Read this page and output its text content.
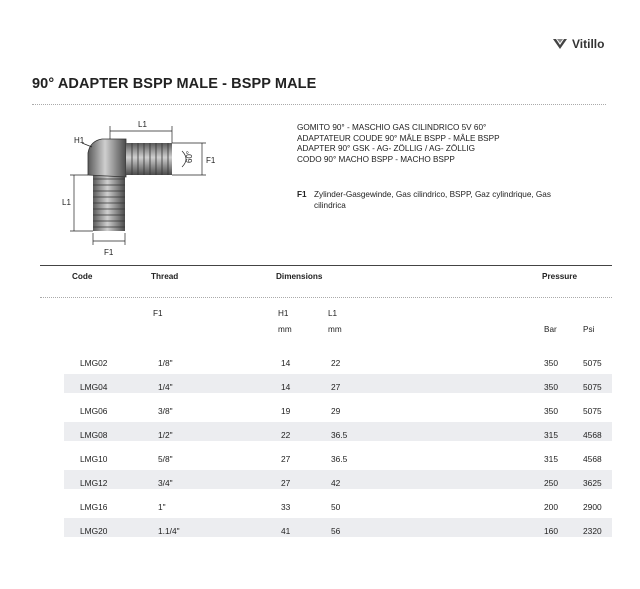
Vitillo
90° ADAPTER BSPP MALE - BSPP MALE
H1
L1
L1
F1
F1
60°
GOMITO 90° - MASCHIO GAS CILINDRICO 5V 60°
ADAPTATEUR COUDE 90° MÂLE BSPP - MÂLE BSPP
ADAPTER 90° GSK - AG- ZÖLLIG / AG- ZÖLLIG
CODO 90° MACHO BSPP - MACHO BSPP
F1 Zylinder-Gasgewinde, Gas cilindrico, BSPP, Gaz cylindrique, Gas cilindrica
Code	Thread	Dimensions	Pressure
F1	H1	L1
mm	mm	Bar	Psi
LMG02	1/8"	14	22	350	5075
LMG04	1/4"	14	27	350	5075
LMG06	3/8"	19	29	350	5075
LMG08	1/2"	22	36.5	315	4568
LMG10	5/8"	27	36.5	315	4568
LMG12	3/4"	27	42	250	3625
LMG16	1"	33	50	200	2900
LMG20	1.1/4"	41	56	160	2320
